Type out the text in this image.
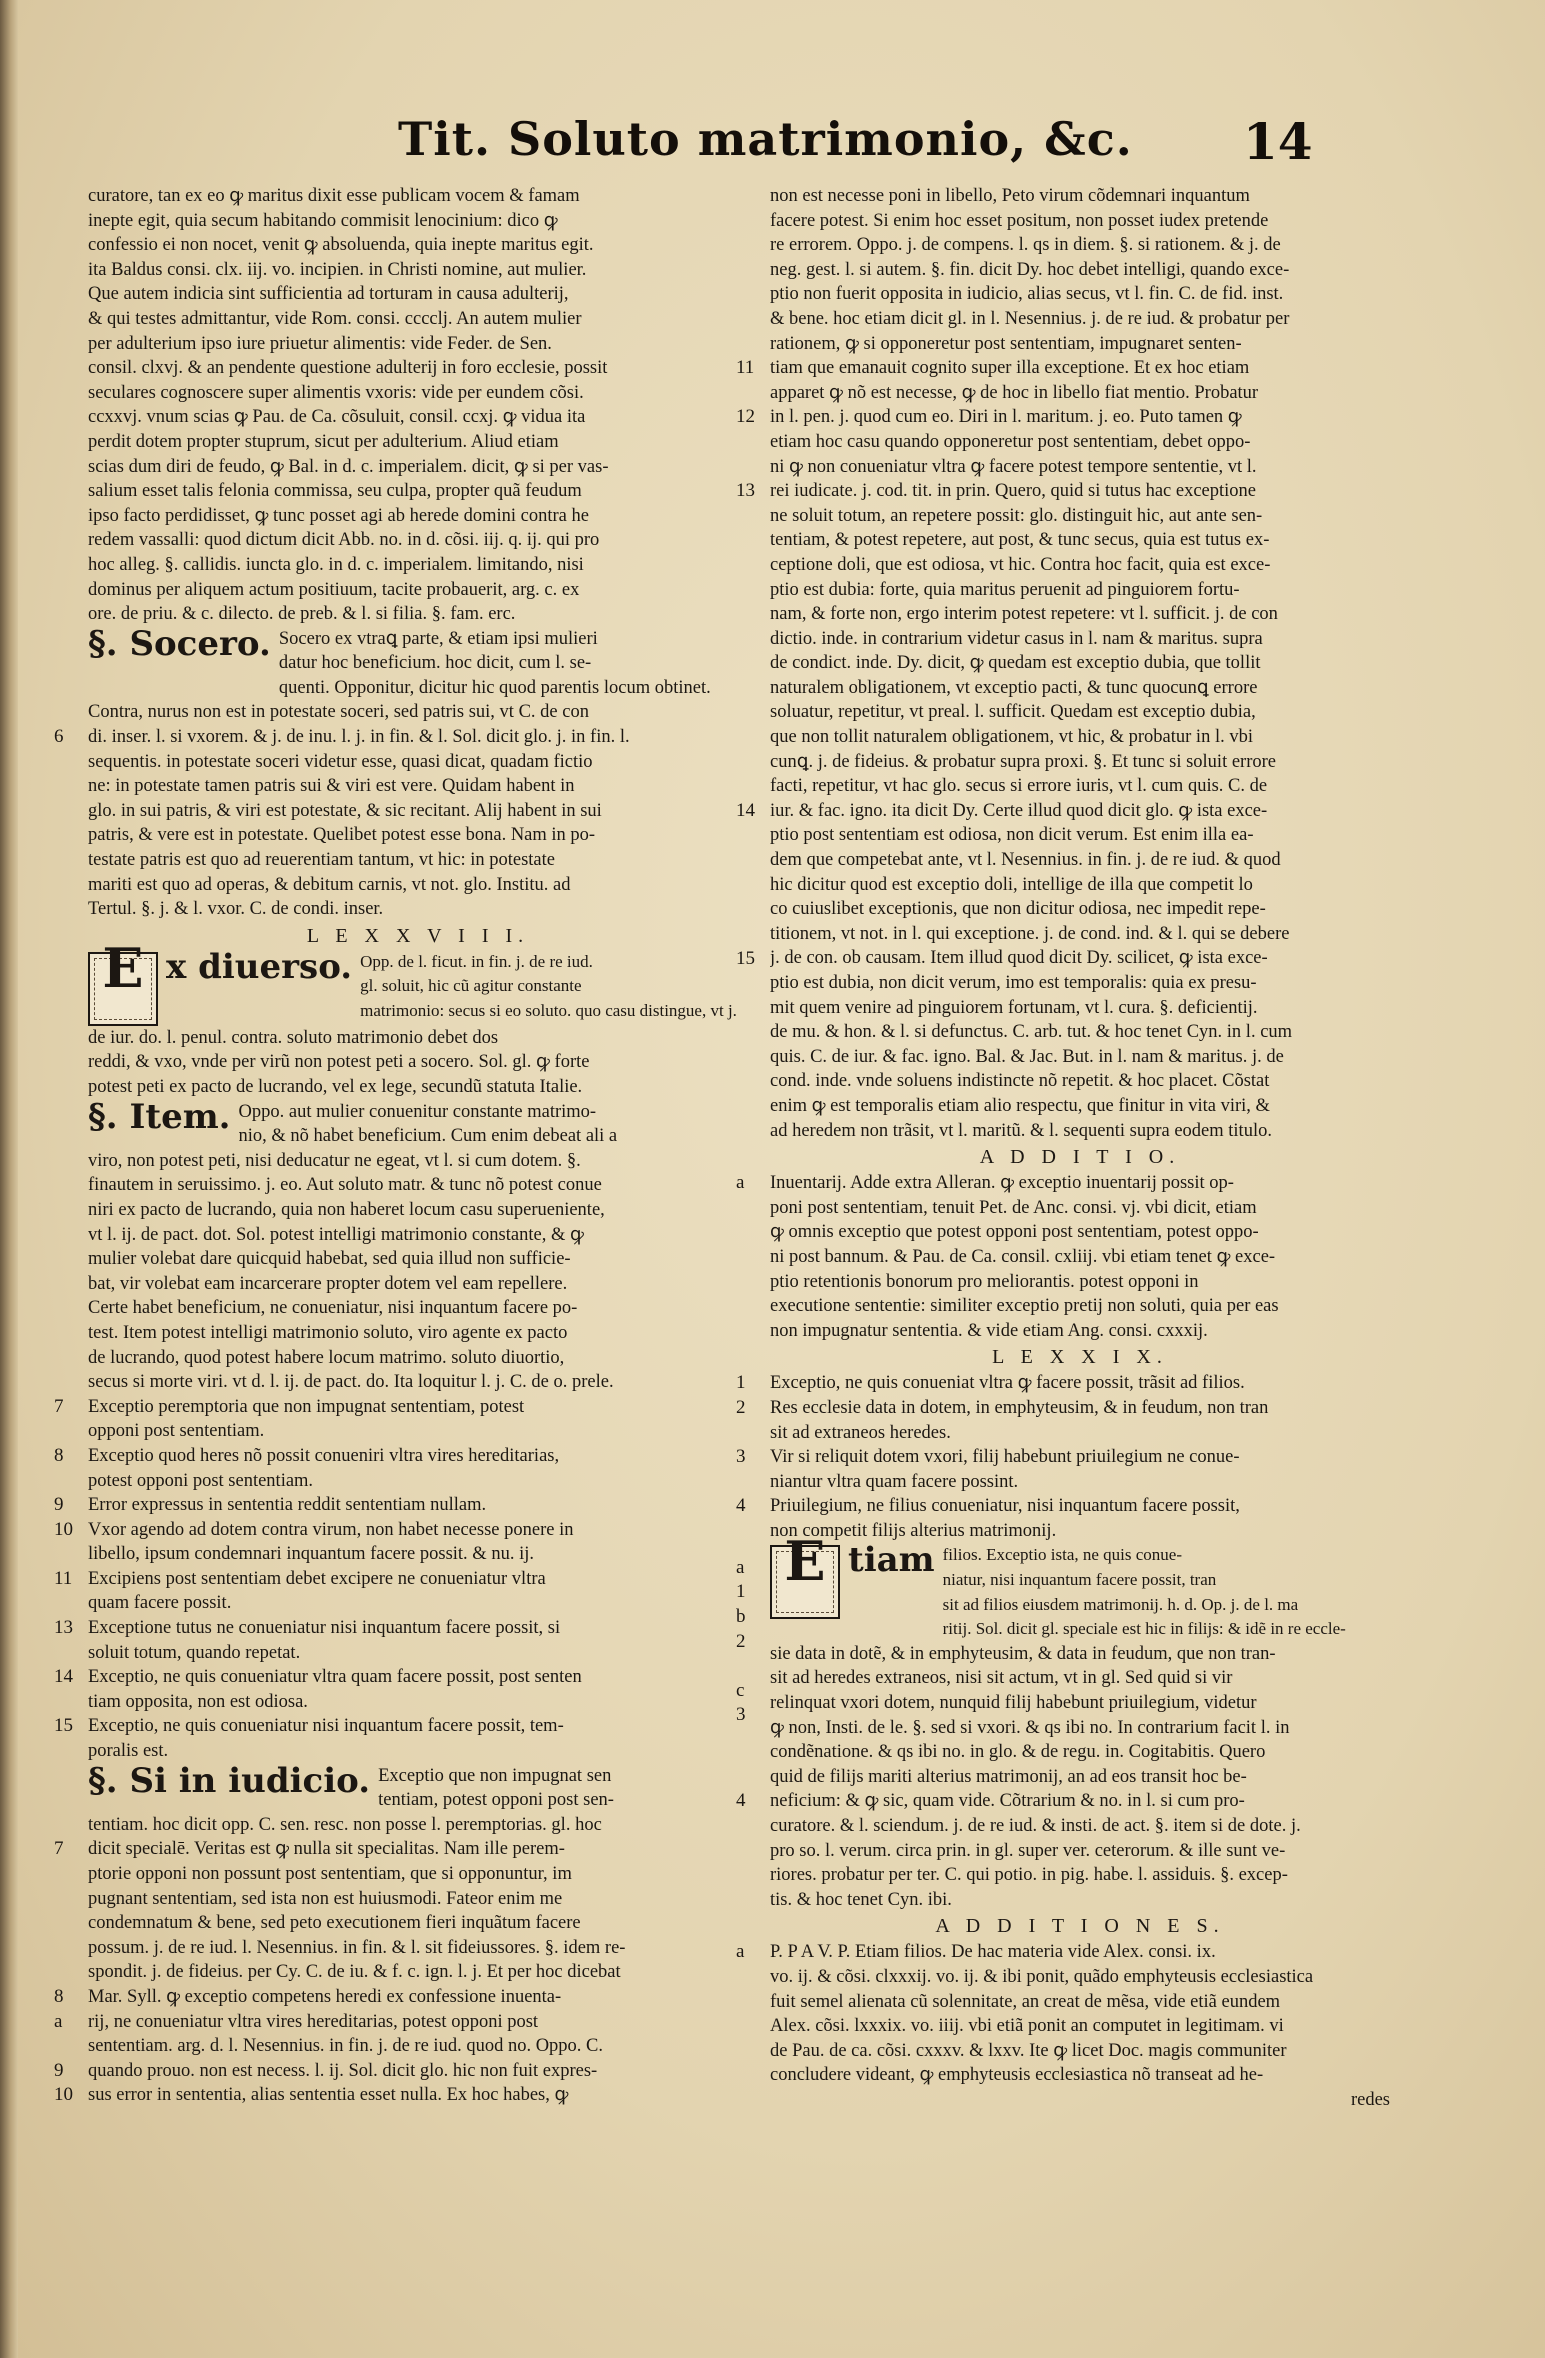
Tit. Soluto matrimonio, &c. 14
curatore, tan ex eo ꝙ maritus dixit esse publicam vocem & famam
inepte egit, quia secum habitando commisit lenocinium: dico ꝙ
confessio ei non nocet, venit ꝙ absoluenda, quia inepte maritus egit.
ita Baldus consi. clx. iij. vo. incipien. in Christi nomine, aut mulier.
Que autem indicia sint sufficientia ad torturam in causa adulterij,
& qui testes admittantur, vide Rom. consi. cccclj. An autem mulier
per adulterium ipso iure priuetur alimentis: vide Feder. de Sen.
consil. clxvj. & an pendente questione adulterij in foro ecclesie, possit
seculares cognoscere super alimentis vxoris: vide per eundem cõsi.
ccxxvj. vnum scias ꝙ Pau. de Ca. cõsuluit, consil. ccxj. ꝙ vidua ita
perdit dotem propter stuprum, sicut per adulterium. Aliud etiam
scias dum diri de feudo, ꝙ Bal. in d. c. imperialem. dicit, ꝙ si per vas-
salium esset talis felonia commissa, seu culpa, propter quã feudum
ipso facto perdidisset, ꝙ tunc posset agi ab herede domini contra he
redem vassalli: quod dictum dicit Abb. no. in d. cõsi. iij. q. ij. qui pro
hoc alleg. §. callidis. iuncta glo. in d. c. imperialem. limitando, nisi
dominus per aliquem actum positiuum, tacite probauerit, arg. c. ex
ore. de priu. & c. dilecto. de preb. & l. si filia. §. fam. erc.
§. Socero. Socero ex vtraꝗ parte, & etiam ipsi mulieri
datur hoc beneficium. hoc dicit, cum l. se-
quenti. Opponitur, dicitur hic quod parentis locum obtinet.
Contra, nurus non est in potestate soceri, sed patris sui, vt C. de con
di. inser. l. si vxorem. & j. de inu. l. j. in fin. & l. Sol. dicit glo. j. in fin. l.
sequentis. in potestate soceri videtur esse, quasi dicat, quadam fictio
ne: in potestate tamen patris sui & viri est vere. Quidam habent in
glo. in sui patris, & viri est potestate, & sic recitant. Alij habent in sui
patris, & vere est in potestate. Quelibet potest esse bona. Nam in po-
testate patris est quo ad reuerentiam tantum, vt hic: in potestate
mariti est quo ad operas, & debitum carnis, vt not. glo. Institu. ad
Tertul. §. j. & l. vxor. C. de condi. inser.
6
L E X X V I I I.
E x diuerso. Opp. de l. ficut. in fin. j. de re iud.
gl. soluit, hic cũ agitur constante
matrimonio: secus si eo soluto. quo casu distingue, vt j.
de iur. do. l. penul. contra. soluto matrimonio debet dos
reddi, & vxo, vnde per virũ non potest peti a socero. Sol. gl. ꝙ forte
potest peti ex pacto de lucrando, vel ex lege, secundũ statuta Italie.
§. Item. Oppo. aut mulier conuenitur constante matrimo-
nio, & nõ habet beneficium. Cum enim debeat ali a
viro, non potest peti, nisi deducatur ne egeat, vt l. si cum dotem. §.
finautem in seruissimo. j. eo. Aut soluto matr. & tunc nõ potest conue
niri ex pacto de lucrando, quia non haberet locum casu superueniente,
vt l. ij. de pact. dot. Sol. potest intelligi matrimonio constante, & ꝙ
mulier volebat dare quicquid habebat, sed quia illud non sufficie-
bat, vir volebat eam incarcerare propter dotem vel eam repellere.
Certe habet beneficium, ne conueniatur, nisi inquantum facere po-
test. Item potest intelligi matrimonio soluto, viro agente ex pacto
de lucrando, quod potest habere locum matrimo. soluto diuortio,
secus si morte viri. vt d. l. ij. de pact. do. Ita loquitur l. j. C. de o. prele.
7 Exceptio peremptoria que non impugnat sententiam, potest
opponi post sententiam.
8 Exceptio quod heres nõ possit conueniri vltra vires hereditarias,
potest opponi post sententiam.
9 Error expressus in sententia reddit sententiam nullam.
10 Vxor agendo ad dotem contra virum, non habet necesse ponere in
libello, ipsum condemnari inquantum facere possit. & nu. ij.
11 Excipiens post sententiam debet excipere ne conueniatur vltra
quam facere possit.
13 Exceptione tutus ne conueniatur nisi inquantum facere possit, si
soluit totum, quando repetat.
14 Exceptio, ne quis conueniatur vltra quam facere possit, post senten
tiam opposita, non est odiosa.
15 Exceptio, ne quis conueniatur nisi inquantum facere possit, tem-
poralis est.
§. Si in iudicio. Exceptio que non impugnat sen
tentiam, potest opponi post sen-
tentiam. hoc dicit opp. C. sen. resc. non posse l. peremptorias. gl. hoc
dicit specialē. Veritas est ꝙ nulla sit specialitas. Nam ille perem-
ptorie opponi non possunt post sententiam, que si opponuntur, im
pugnant sententiam, sed ista non est huiusmodi. Fateor enim me
condemnatum & bene, sed peto executionem fieri inquãtum facere
possum. j. de re iud. l. Nesennius. in fin. & l. sit fideiussores. §. idem re-
spondit. j. de fideius. per Cy. C. de iu. & f. c. ign. l. j. Et per hoc dicebat
Mar. Syll. ꝙ exceptio competens heredi ex confessione inuenta-
rij, ne conueniatur vltra vires hereditarias, potest opponi post
sententiam. arg. d. l. Nesennius. in fin. j. de re iud. quod no. Oppo. C.
quando prouo. non est necess. l. ij. Sol. dicit glo. hic non fuit expres-
sus error in sententia, alias sententia esset nulla. Ex hoc habes, ꝙ
7
8
a
9
10
non est necesse poni in libello, Peto virum cõdemnari inquantum
facere potest. Si enim hoc esset positum, non posset iudex pretende
re errorem. Oppo. j. de compens. l. qs in diem. §. si rationem. & j. de
neg. gest. l. si autem. §. fin. dicit Dy. hoc debet intelligi, quando exce-
ptio non fuerit opposita in iudicio, alias secus, vt l. fin. C. de fid. inst.
& bene. hoc etiam dicit gl. in l. Nesennius. j. de re iud. & probatur per
rationem, ꝙ si opponeretur post sententiam, impugnaret senten-
tiam que emanauit cognito super illa exceptione. Et ex hoc etiam
apparet ꝙ nõ est necesse, ꝙ de hoc in libello fiat mentio. Probatur
in l. pen. j. quod cum eo. Diri in l. maritum. j. eo. Puto tamen ꝙ
etiam hoc casu quando opponeretur post sententiam, debet oppo-
ni ꝙ non conueniatur vltra ꝙ facere potest tempore sententie, vt l.
rei iudicate. j. cod. tit. in prin. Quero, quid si tutus hac exceptione
ne soluit totum, an repetere possit: glo. distinguit hic, aut ante sen-
tentiam, & potest repetere, aut post, & tunc secus, quia est tutus ex-
ceptione doli, que est odiosa, vt hic. Contra hoc facit, quia est exce-
ptio est dubia: forte, quia maritus peruenit ad pinguiorem fortu-
nam, & forte non, ergo interim potest repetere: vt l. sufficit. j. de con
dictio. inde. in contrarium videtur casus in l. nam & maritus. supra
de condict. inde. Dy. dicit, ꝙ quedam est exceptio dubia, que tollit
naturalem obligationem, vt exceptio pacti, & tunc quocunꝗ errore
soluatur, repetitur, vt preal. l. sufficit. Quedam est exceptio dubia,
que non tollit naturalem obligationem, vt hic, & probatur in l. vbi
cunꝗ. j. de fideius. & probatur supra proxi. §. Et tunc si soluit errore
facti, repetitur, vt hac glo. secus si errore iuris, vt l. cum quis. C. de
iur. & fac. igno. ita dicit Dy. Certe illud quod dicit glo. ꝙ ista exce-
ptio post sententiam est odiosa, non dicit verum. Est enim illa ea-
dem que competebat ante, vt l. Nesennius. in fin. j. de re iud. & quod
hic dicitur quod est exceptio doli, intellige de illa que competit lo
co cuiuslibet exceptionis, que non dicitur odiosa, nec impedit repe-
titionem, vt not. in l. qui exceptione. j. de cond. ind. & l. qui se debere
j. de con. ob causam. Item illud quod dicit Dy. scilicet, ꝙ ista exce-
ptio est dubia, non dicit verum, imo est temporalis: quia ex presu-
mit quem venire ad pinguiorem fortunam, vt l. cura. §. deficientij.
de mu. & hon. & l. si defunctus. C. arb. tut. & hoc tenet Cyn. in l. cum
quis. C. de iur. & fac. igno. Bal. & Jac. But. in l. nam & maritus. j. de
cond. inde. vnde soluens indistincte nõ repetit. & hoc placet. Cõstat
enim ꝙ est temporalis etiam alio respectu, que finitur in vita viri, &
ad heredem non trãsit, vt l. maritũ. & l. sequenti supra eodem titulo.
11
12
13
14
15
A D D I T I O.
Inuentarij. Adde extra Alleran. ꝙ exceptio inuentarij possit op-
poni post sententiam, tenuit Pet. de Anc. consi. vj. vbi dicit, etiam
ꝙ omnis exceptio que potest opponi post sententiam, potest oppo-
ni post bannum. & Pau. de Ca. consil. cxliij. vbi etiam tenet ꝙ exce-
ptio retentionis bonorum pro meliorantis. potest opponi in
executione sententie: similiter exceptio pretij non soluti, quia per eas
non impugnatur sententia. & vide etiam Ang. consi. cxxxij.
a
L E X X I X.
1 Exceptio, ne quis conueniat vltra ꝙ facere possit, trãsit ad filios.
2 Res ecclesie data in dotem, in emphyteusim, & in feudum, non tran
sit ad extraneos heredes.
3 Vir si reliquit dotem vxori, filij habebunt priuilegium ne conue-
niantur vltra quam facere possint.
4 Priuilegium, ne filius conueniatur, nisi inquantum facere possit,
non competit filijs alterius matrimonij.
E tiam filios. Exceptio ista, ne quis conue-
niatur, nisi inquantum facere possit, tran
sit ad filios eiusdem matrimonij. h. d. Op. j. de l. ma
ritij. Sol. dicit gl. speciale est hic in filijs: & idẽ in re eccle-
sie data in dotẽ, & in emphyteusim, & data in feudum, que non tran-
sit ad heredes extraneos, nisi sit actum, vt in gl. Sed quid si vir
relinquat vxori dotem, nunquid filij habebunt priuilegium, videtur
ꝙ non, Insti. de le. §. sed si vxori. & qs ibi no. In contrarium facit l. in
condẽnatione. & qs ibi no. in glo. & de regu. in. Cogitabitis. Quero
quid de filijs mariti alterius matrimonij, an ad eos transit hoc be-
neficium: & ꝙ sic, quam vide. Cõtrarium & no. in l. si cum pro-
curatore. & l. sciendum. j. de re iud. & insti. de act. §. item si de dote. j.
pro so. l. verum. circa prin. in gl. super ver. ceterorum. & ille sunt ve-
riores. probatur per ter. C. qui potio. in pig. habe. l. assiduis. §. excep-
tis. & hoc tenet Cyn. ibi.
a
1
b
2
c
3
4
A D D I T I O N E S.
P. P A V. P. Etiam filios. De hac materia vide Alex. consi. ix.
vo. ij. & cõsi. clxxxij. vo. ij. & ibi ponit, quãdo emphyteusis ecclesiastica
fuit semel alienata cũ solennitate, an creat de mẽsa, vide etiã eundem
Alex. cõsi. lxxxix. vo. iiij. vbi etiã ponit an computet in legitimam. vi
de Pau. de ca. cõsi. cxxxv. & lxxv. Ite ꝙ licet Doc. magis communiter
concludere videant, ꝙ emphyteusis ecclesiastica nõ transeat ad he-
redes
a
